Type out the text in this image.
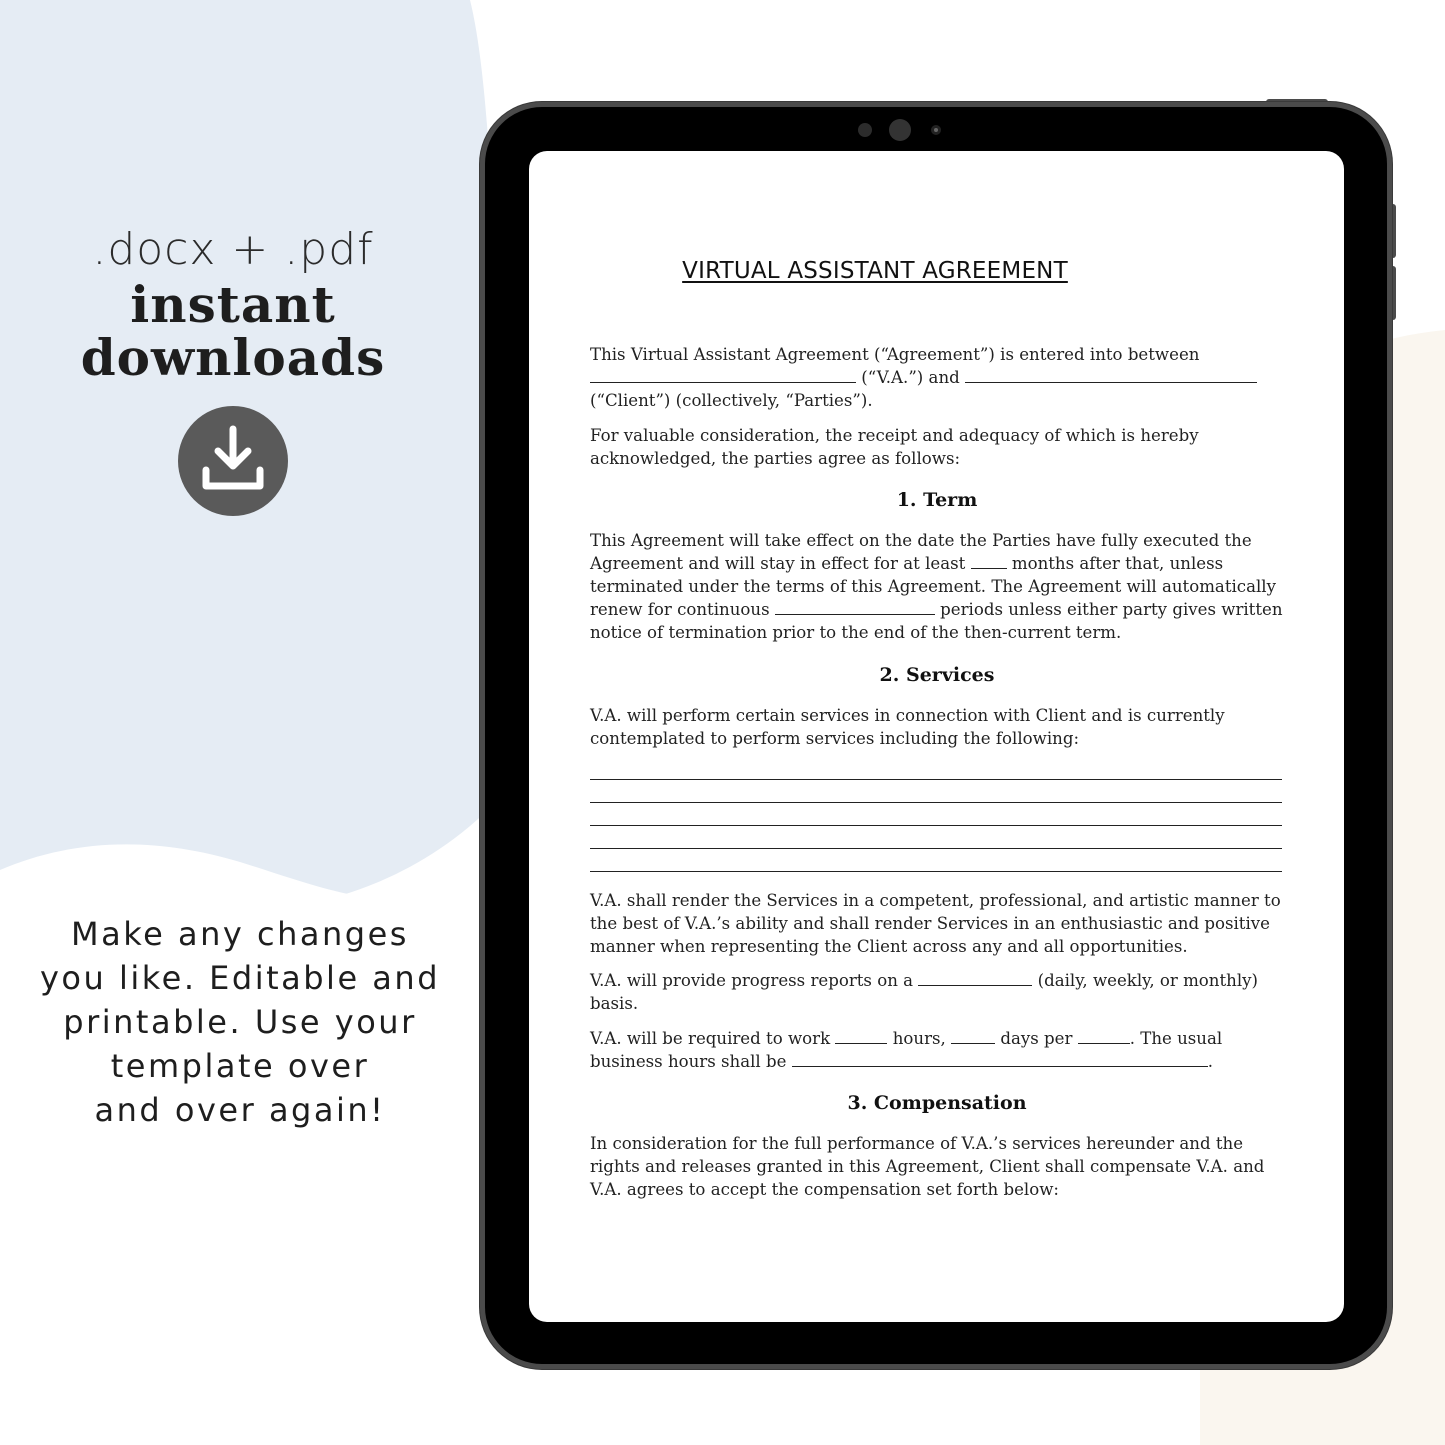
.docx + .pdf
instant
downloads
Make any changes
you like. Editable and
printable. Use your
template over
and over again!
VIRTUAL ASSISTANT AGREEMENT

This Virtual Assistant Agreement (“Agreement”) is entered into between
(“V.A.”) and
(“Client”) (collectively, “Parties”).

For valuable consideration, the receipt and adequacy of which is hereby acknowledged, the parties agree as follows:

1. Term

This Agreement will take effect on the date the Parties have fully executed the Agreement and will stay in effect for at least	months after that, unless terminated under the terms of this Agreement. The Agreement will automatically renew for continuous	periods unless either party gives written notice of termination prior to the end of the then-current term.

2. Services

V.A. will perform certain services in connection with Client and is currently contemplated to perform services including the following:

V.A. shall render the Services in a competent, professional, and artistic manner to the best of V.A.’s ability and shall render Services in an enthusiastic and positive manner when representing the Client across any and all opportunities.

V.A. will provide progress reports on a	(daily, weekly, or monthly) basis.

V.A. will be required to work	hours,	days per	. The usual business hours shall be	.

3. Compensation

In consideration for the full performance of V.A.’s services hereunder and the rights and releases granted in this Agreement, Client shall compensate V.A. and V.A. agrees to accept the compensation set forth below:
